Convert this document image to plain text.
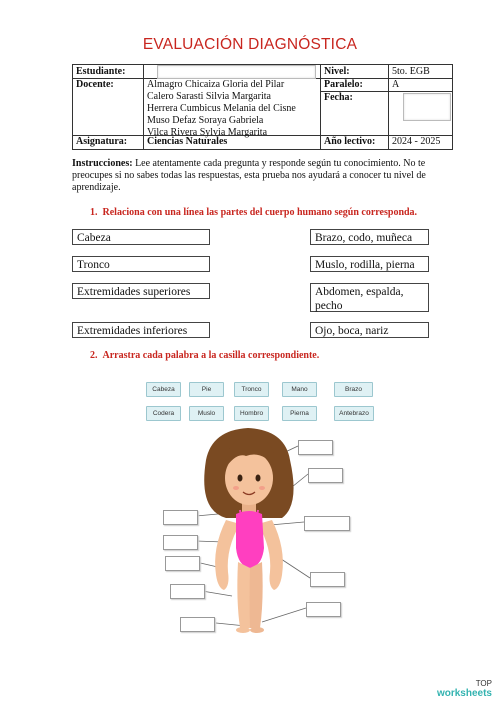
EVALUACIÓN DIAGNÓSTICA
Estudiante:
Docente:	Almagro Chicaiza Gloria del Pilar
Calero Sarasti Silvia Margarita
Herrera Cumbicus Melania del Cisne
Muso Defaz Soraya Gabriela
Vilca Rivera Sylvia Margarita
Nivel:	5to. EGB
Paralelo:	A
Fecha:
Asignatura: Ciencias Naturales	Año lectivo: 2024 - 2025
Instrucciones: Lee atentamente cada pregunta y responde según tu conocimiento. No te preocupes si no sabes todas las respuestas, esta prueba nos ayudará a conocer tu nivel de aprendizaje.
1. Relaciona con una línea las partes del cuerpo humano según corresponda.
Cabeza
Tronco
Extremidades superiores
Extremidades inferiores
Brazo, codo, muñeca
Muslo, rodilla, pierna
Abdomen, espalda, pecho
Ojo, boca, nariz
2. Arrastra cada palabra a la casilla correspondiente.
Cabeza	Pie	Tronco	Mano	Brazo
Codera	Muslo	Hombro	Pierna	Antebrazo
TOP
worksheets
